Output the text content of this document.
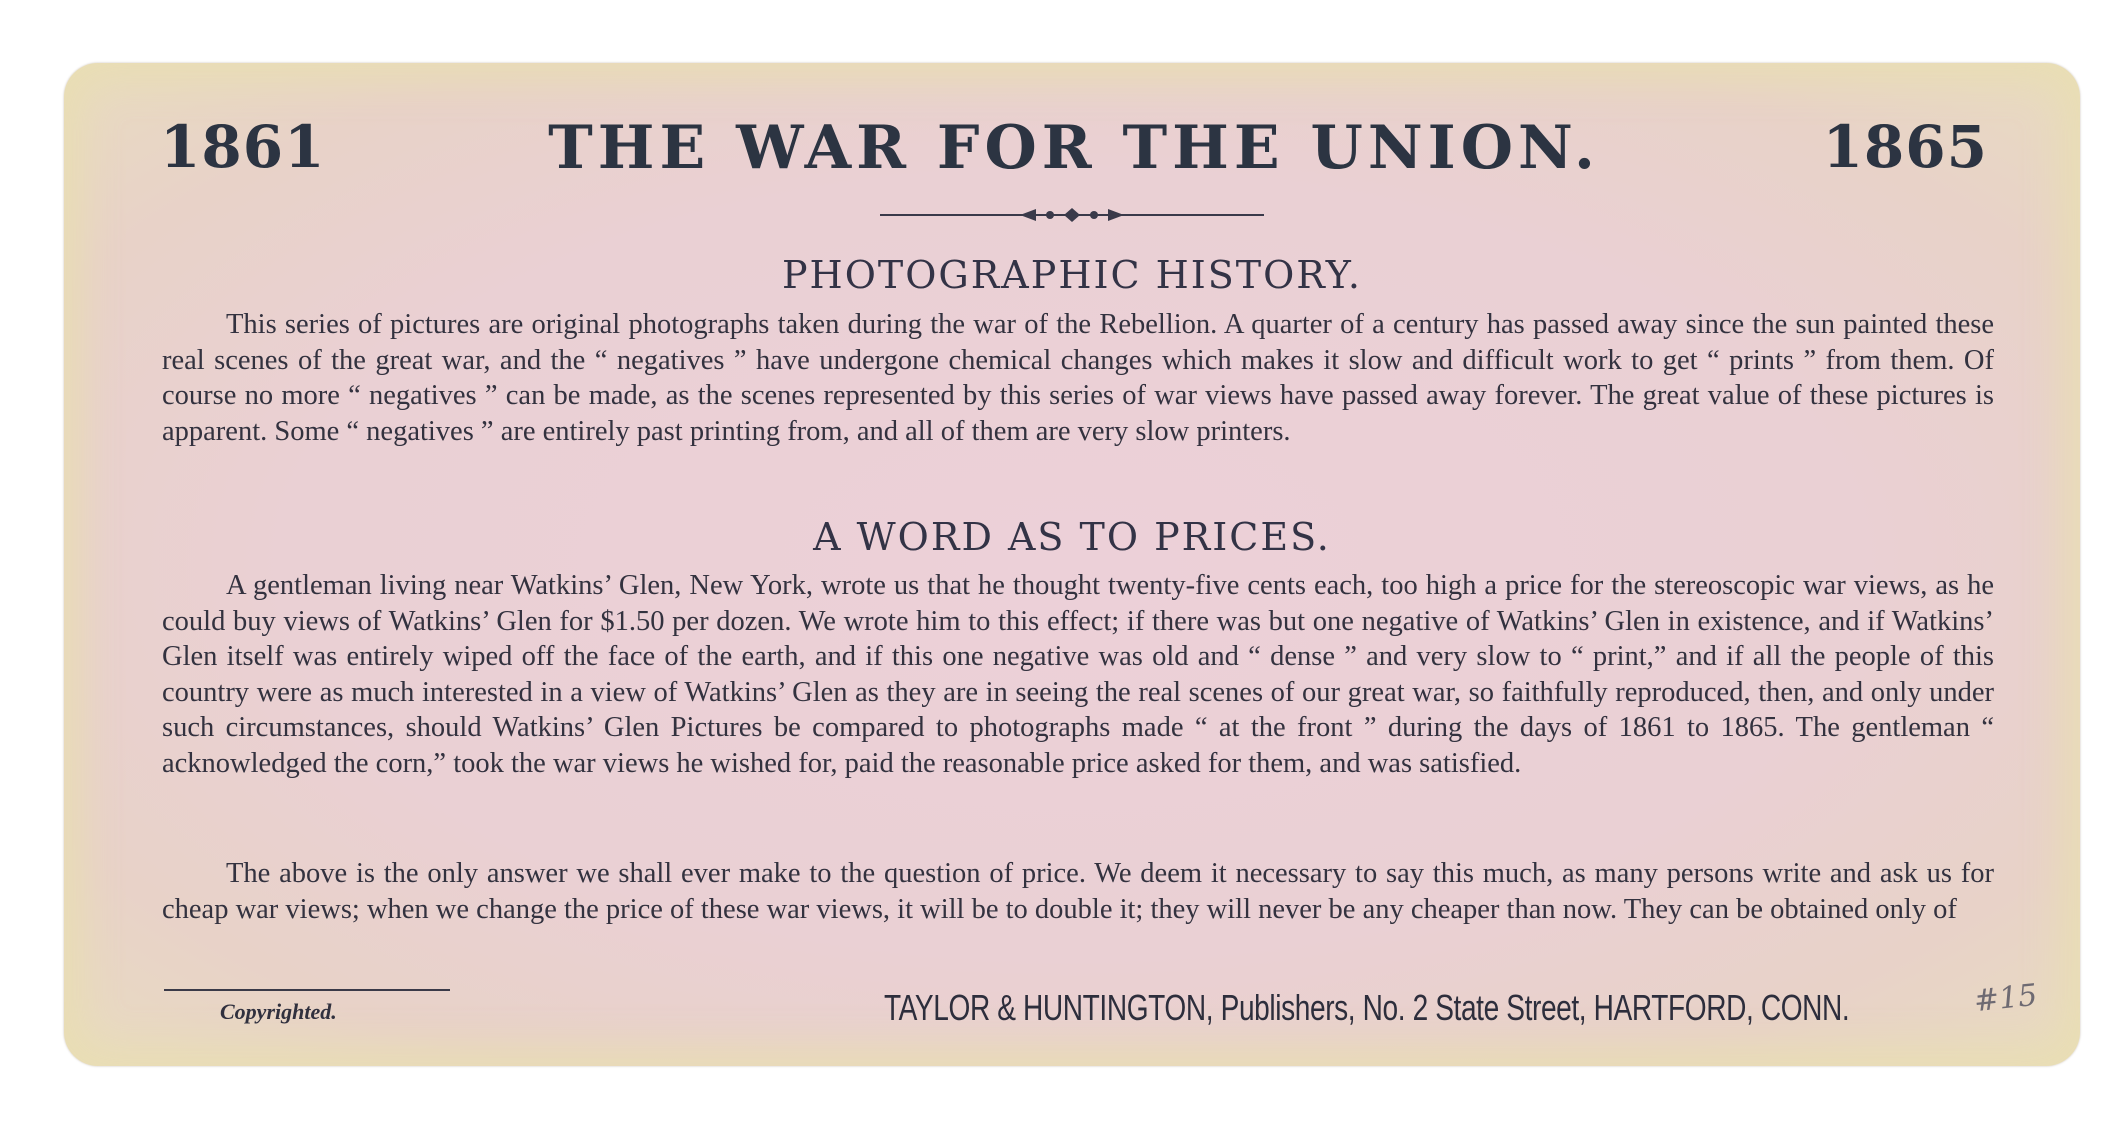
1861	THE WAR FOR THE UNION.	1865
PHOTOGRAPHIC HISTORY.
This series of pictures are original photographs taken during the war of the Rebellion. A quarter of a century has passed away since the sun painted these real scenes of the great war, and the “ negatives ” have undergone chemical changes which makes it slow and difficult work to get “ prints ” from them. Of course no more “ negatives ” can be made, as the scenes represented by this series of war views have passed away forever. The great value of these pictures is apparent. Some “ negatives ” are entirely past printing from, and all of them are very slow printers.
A WORD AS TO PRICES.
A gentleman living near Watkins’ Glen, New York, wrote us that he thought twenty-five cents each, too high a price for the stereoscopic war views, as he could buy views of Watkins’ Glen for $1.50 per dozen. We wrote him to this effect; if there was but one negative of Watkins’ Glen in existence, and if Watkins’ Glen itself was entirely wiped off the face of the earth, and if this one negative was old and “ dense ” and very slow to “ print,” and if all the people of this country were as much interested in a view of Watkins’ Glen as they are in seeing the real scenes of our great war, so faithfully reproduced, then, and only under such circumstances, should Watkins’ Glen Pictures be compared to photographs made “ at the front ” during the days of 1861 to 1865. The gentleman “ acknowledged the corn,” took the war views he wished for, paid the reasonable price asked for them, and was satisfied.
The above is the only answer we shall ever make to the question of price. We deem it necessary to say this much, as many persons write and ask us for cheap war views; when we change the price of these war views, it will be to double it; they will never be any cheaper than now. They can be obtained only of
Copyrighted.	TAYLOR & HUNTINGTON, Publishers, No. 2 State Street, HARTFORD, CONN.	#15
